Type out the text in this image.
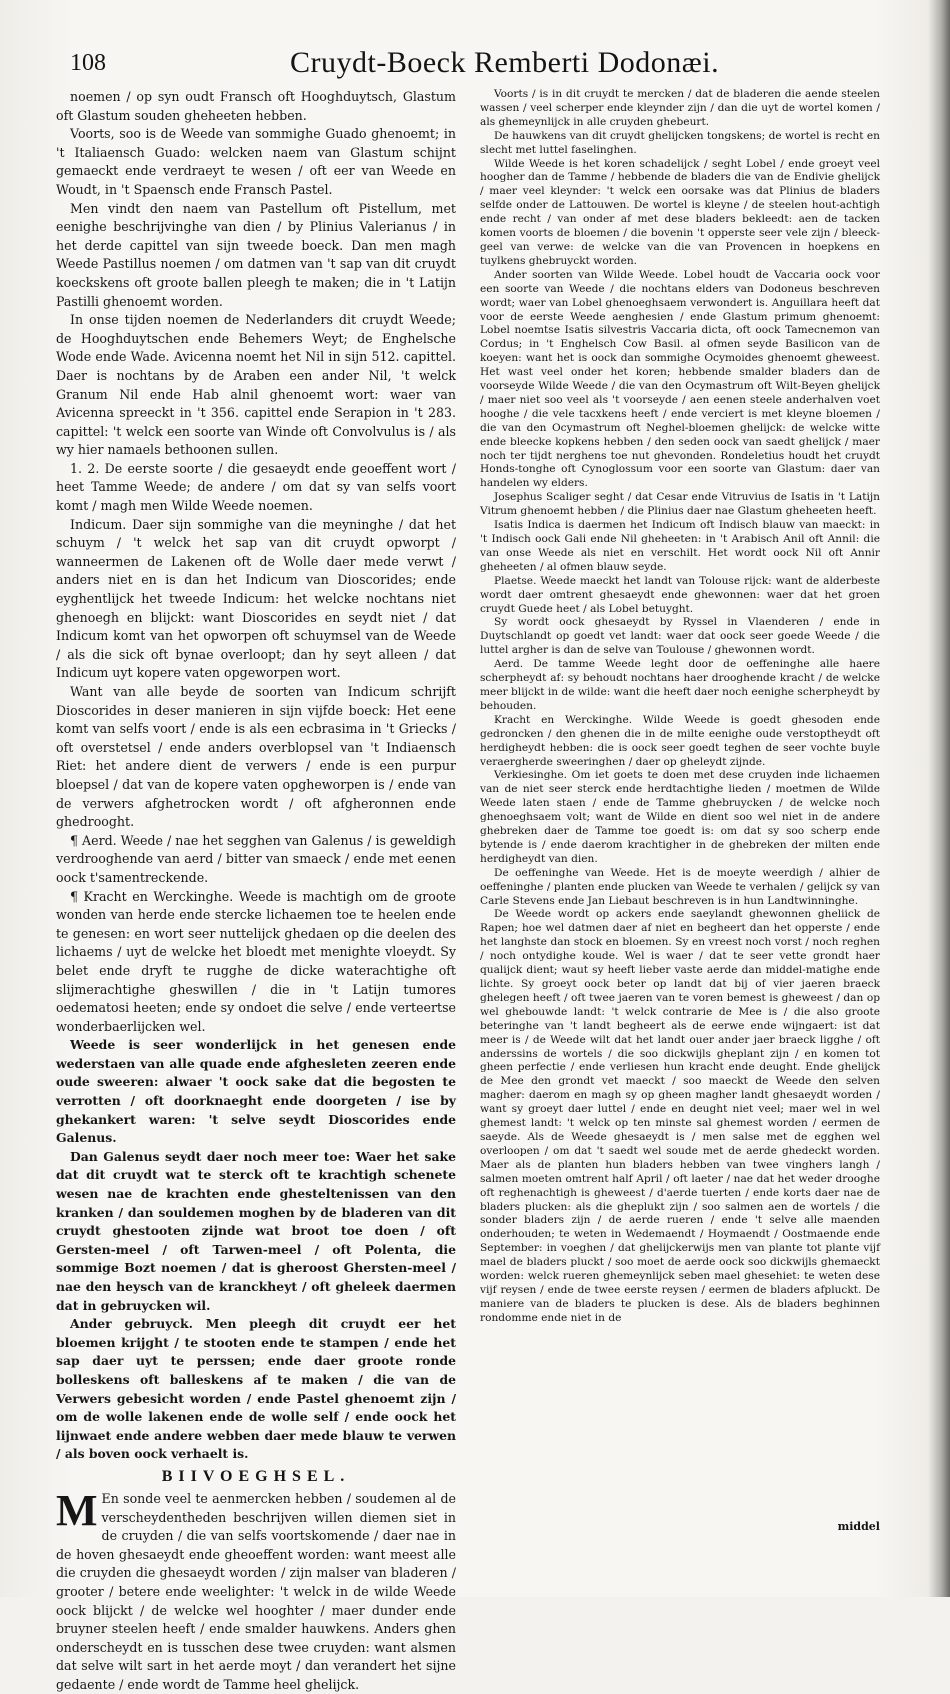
108	Cruydt-Boeck Remberti Dodonæi.

noemen / op syn oudt Fransch oft Hooghduytsch, Glastum oft Glastum souden gheheeten hebben.

Voorts, soo is de Weede van sommighe Guado ghenoemt; in 't Italiaensch Guado: welcken naem van Glastum schijnt gemaeckt ende verdraeyt te wesen / oft eer van Weede en Woudt, in 't Spaensch ende Fransch Pastel.

Men vindt den naem van Pastellum oft Pistellum, met eenighe beschrijvinghe van dien / by Plinius Valerianus / in het derde capittel van sijn tweede boeck. Dan men magh Weede Pastillus noemen / om datmen van 't sap van dit cruydt koeckskens oft groote ballen pleegh te maken; die in 't Latijn Pastilli ghenoemt worden.

In onse tijden noemen de Nederlanders dit cruydt Weede; de Hooghduytschen ende Behemers Weyt; de Enghelsche Wode ende Wade. Avicenna noemt het Nil in sijn 512. capittel. Daer is nochtans by de Araben een ander Nil, 't welck Granum Nil ende Hab alnil ghenoemt wort: waer van Avicenna spreeckt in 't 356. capittel ende Serapion in 't 283. capittel: 't welck een soorte van Winde oft Convolvulus is / als wy hier namaels bethoonen sullen.

1. 2. De eerste soorte / die gesaeydt ende geoeffent wort / heet Tamme Weede; de andere / om dat sy van selfs voort komt / magh men Wilde Weede noemen.

Indicum. Daer sijn sommighe van die meyninghe / dat het schuym / 't welck het sap van dit cruydt opworpt / wanneermen de Lakenen oft de Wolle daer mede verwt / anders niet en is dan het Indicum van Dioscorides; ende eyghentlijck het tweede Indicum: het welcke nochtans niet ghenoegh en blijckt: want Dioscorides en seydt niet / dat Indicum komt van het opworpen oft schuymsel van de Weede / als die sick oft bynae overloopt; dan hy seyt alleen / dat Indicum uyt kopere vaten opgeworpen wort.

Want van alle beyde de soorten van Indicum schrijft Dioscorides in deser manieren in sijn vijfde boeck: Het eene komt van selfs voort / ende is als een ecbrasima in 't Griecks / oft overstetsel / ende anders overblopsel van 't Indiaensch Riet: het andere dient de verwers / ende is een purpur bloepsel / dat van de kopere vaten opgheworpen is / ende van de verwers afghetrocken wordt / oft afgheronnen ende ghedrooght.

¶ Aerd. Weede / nae het segghen van Galenus / is geweldigh verdrooghende van aerd / bitter van smaeck / ende met eenen oock t'samentreckende.

¶ Kracht en Werckinghe. Weede is machtigh om de groote wonden van herde ende stercke lichaemen toe te heelen ende te genesen: en wort seer nuttelijck ghedaen op die deelen des lichaems / uyt de welcke het bloedt met menighte vloeydt. Sy belet ende dryft te rugghe de dicke waterachtighe oft slijmerachtighe gheswillen / die in 't Latijn tumores oedematosi heeten; ende sy ondoet die selve / ende verteertse wonderbaerlijcken wel.

Weede is seer wonderlijck in het genesen ende wederstaen van alle quade ende afghesleten zeeren ende oude sweeren: alwaer 't oock sake dat die begosten te verrotten / oft doorknaeght ende doorgeten / ise by ghekankert waren: 't selve seydt Dioscorides ende Galenus.

Dan Galenus seydt daer noch meer toe: Waer het sake dat dit cruydt wat te sterck oft te krachtigh schenete wesen nae de krachten ende ghesteltenissen van den kranken / dan souldemen moghen by de bladeren van dit cruydt ghestooten zijnde wat broot toe doen / oft Gersten-meel / oft Tarwen-meel / oft Polenta, die sommige Bozt noemen / dat is gheroost Ghersten-meel / nae den heysch van de kranckheyt / oft gheleek daermen dat in gebruycken wil.

Ander gebruyck. Men pleegh dit cruydt eer het bloemen krijght / te stooten ende te stampen / ende het sap daer uyt te perssen; ende daer groote ronde bolleskens oft balleskens af te maken / die van de Verwers gebesicht worden / ende Pastel ghenoemt zijn / om de wolle lakenen ende de wolle self / ende oock het lijnwaet ende andere webben daer mede blauw te verwen / als boven oock verhaelt is.

BIIVOEGHSEL.

M En sonde veel te aenmercken hebben / soudemen al de verscheydentheden beschrijven willen diemen siet in de cruyden / die van selfs voortskomende / daer nae in de hoven ghesaeydt ende gheoeffent worden: want meest alle die cruyden die ghesaeydt worden / zijn malser van bladeren / grooter / betere ende weelighter: 't welck in de wilde Weede oock blijckt / de welcke wel hooghter / maer dunder ende bruyner steelen heeft / ende smalder hauwkens. Anders ghen onderscheydt en is tusschen dese twee cruyden: want alsmen dat selve wilt sart in het aerde moyt / dan verandert het sijne gedaente / ende wordt de Tamme heel ghelijck.

Voorts / is in dit cruydt te mercken / dat de bladeren die aende steelen wassen / veel scherper ende kleynder zijn / dan die uyt de wortel komen / als ghemeynlijck in alle cruyden ghebeurt.

De hauwkens van dit cruydt ghelijcken tongskens; de wortel is recht en slecht met luttel faselinghen.

Wilde Weede is het koren schadelijck / seght Lobel / ende groeyt veel hoogher dan de Tamme / hebbende de bladers die van de Endivie ghelijck / maer veel kleynder: 't welck een oorsake was dat Plinius de bladers selfde onder de Lattouwen. De wortel is kleyne / de steelen hout-achtigh ende recht / van onder af met dese bladers bekleedt: aen de tacken komen voorts de bloemen / die bovenin 't opperste seer vele zijn / bleeck-geel van verwe: de welcke van die van Provencen in hoepkens en tuylkens ghebruyckt worden.

Ander soorten van Wilde Weede. Lobel houdt de Vaccaria oock voor een soorte van Weede / die nochtans elders van Dodoneus beschreven wordt; waer van Lobel ghenoeghsaem verwondert is. Anguillara heeft dat voor de eerste Weede aenghesien / ende Glastum primum ghenoemt: Lobel noemtse Isatis silvestris Vaccaria dicta, oft oock Tamecnemon van Cordus; in 't Enghelsch Cow Basil. al ofmen seyde Basilicon van de koeyen: want het is oock dan sommighe Ocymoides ghenoemt gheweest. Het wast veel onder het koren; hebbende smalder bladers dan de voorseyde Wilde Weede / die van den Ocymastrum oft Wilt-Beyen ghelijck / maer niet soo veel als 't voorseyde / aen eenen steele anderhalven voet hooghe / die vele tacxkens heeft / ende verciert is met kleyne bloemen / die van den Ocymastrum oft Neghel-bloemen ghelijck: de welcke witte ende bleecke kopkens hebben / den seden oock van saedt ghelijck / maer noch ter tijdt nerghens toe nut ghevonden. Rondeletius houdt het cruydt Honds-tonghe oft Cynoglossum voor een soorte van Glastum: daer van handelen wy elders.

Josephus Scaliger seght / dat Cesar ende Vitruvius de Isatis in 't Latijn Vitrum ghenoemt hebben / die Plinius daer nae Glastum gheheeten heeft.

Isatis Indica is daermen het Indicum oft Indisch blauw van maeckt: in 't Indisch oock Gali ende Nil gheheeten: in 't Arabisch Anil oft Annil: die van onse Weede als niet en verschilt. Het wordt oock Nil oft Annir gheheeten / al ofmen blauw seyde.

Plaetse. Weede maeckt het landt van Tolouse rijck: want de alderbeste wordt daer omtrent ghesaeydt ende ghewonnen: waer dat het groen cruydt Guede heet / als Lobel betuyght.

Sy wordt oock ghesaeydt by Ryssel in Vlaenderen / ende in Duytschlandt op goedt vet landt: waer dat oock seer goede Weede / die luttel argher is dan de selve van Toulouse / ghewonnen wordt.

Aerd. De tamme Weede leght door de oeffeninghe alle haere scherpheydt af: sy behoudt nochtans haer drooghende kracht / de welcke meer blijckt in de wilde: want die heeft daer noch eenighe scherpheydt by behouden.

Kracht en Werckinghe. Wilde Weede is goedt ghesoden ende gedroncken / den ghenen die in de milte eenighe oude verstoptheydt oft herdigheydt hebben: die is oock seer goedt teghen de seer vochte buyle veraergherde sweeringhen / daer op gheleydt zijnde.

Verkiesinghe. Om iet goets te doen met dese cruyden inde lichaemen van de niet seer sterck ende herdtachtighe lieden / moetmen de Wilde Weede laten staen / ende de Tamme ghebruycken / de welcke noch ghenoeghsaem volt; want de Wilde en dient soo wel niet in de andere ghebreken daer de Tamme toe goedt is: om dat sy soo scherp ende bytende is / ende daerom krachtigher in de ghebreken der milten ende herdigheydt van dien.

De oeffeninghe van Weede. Het is de moeyte weerdigh / alhier de oeffeninghe / planten ende plucken van Weede te verhalen / gelijck sy van Carle Stevens ende Jan Liebaut beschreven is in hun Landtwinninghe.

De Weede wordt op ackers ende saeylandt ghewonnen gheliick de Rapen; hoe wel datmen daer af niet en begheert dan het opperste / ende het langhste dan stock en bloemen. Sy en vreest noch vorst / noch reghen / noch ontydighe koude. Wel is waer / dat te seer vette grondt haer qualijck dient; waut sy heeft lieber vaste aerde dan middel-matighe ende lichte. Sy groeyt oock beter op landt dat bij of vier jaeren braeck ghelegen heeft / oft twee jaeren van te voren bemest is gheweest / dan op wel ghebouwde landt: 't welck contrarie de Mee is / die also groote beteringhe van 't landt begheert als de eerwe ende wijngaert: ist dat meer is / de Weede wilt dat het landt ouer ander jaer braeck ligghe / oft anderssins de wortels / die soo dickwijls gheplant zijn / en komen tot gheen perfectie / ende verliesen hun kracht ende deught. Ende ghelijck de Mee den grondt vet maeckt / soo maeckt de Weede den selven magher: daerom en magh sy op gheen magher landt ghesaeydt worden / want sy groeyt daer luttel / ende en deught niet veel; maer wel in wel ghemest landt: 't welck op ten minste sal ghemest worden / eermen de saeyde. Als de Weede ghesaeydt is / men salse met de egghen wel overloopen / om dat 't saedt wel soude met de aerde ghedeckt worden. Maer als de planten hun bladers hebben van twee vinghers langh / salmen moeten omtrent half April / oft laeter / nae dat het weder drooghe oft reghenachtigh is gheweest / d'aerde tuerten / ende korts daer nae de bladers plucken: als die gheplukt zijn / soo salmen aen de wortels / die sonder bladers zijn / de aerde rueren / ende 't selve alle maenden onderhouden; te weten in Wedemaendt / Hoymaendt / Oostmaende ende September: in voeghen / dat ghelijckerwijs men van plante tot plante vijf mael de bladers pluckt / soo moet de aerde oock soo dickwijls ghemaeckt worden: welck rueren ghemeynlijck seben mael ghesehiet: te weten dese vijf reysen / ende de twee eerste reysen / eermen de bladers afpluckt. De maniere van de bladers te plucken is dese. Als de bladers beghinnen rondomme ende niet in de

middel
